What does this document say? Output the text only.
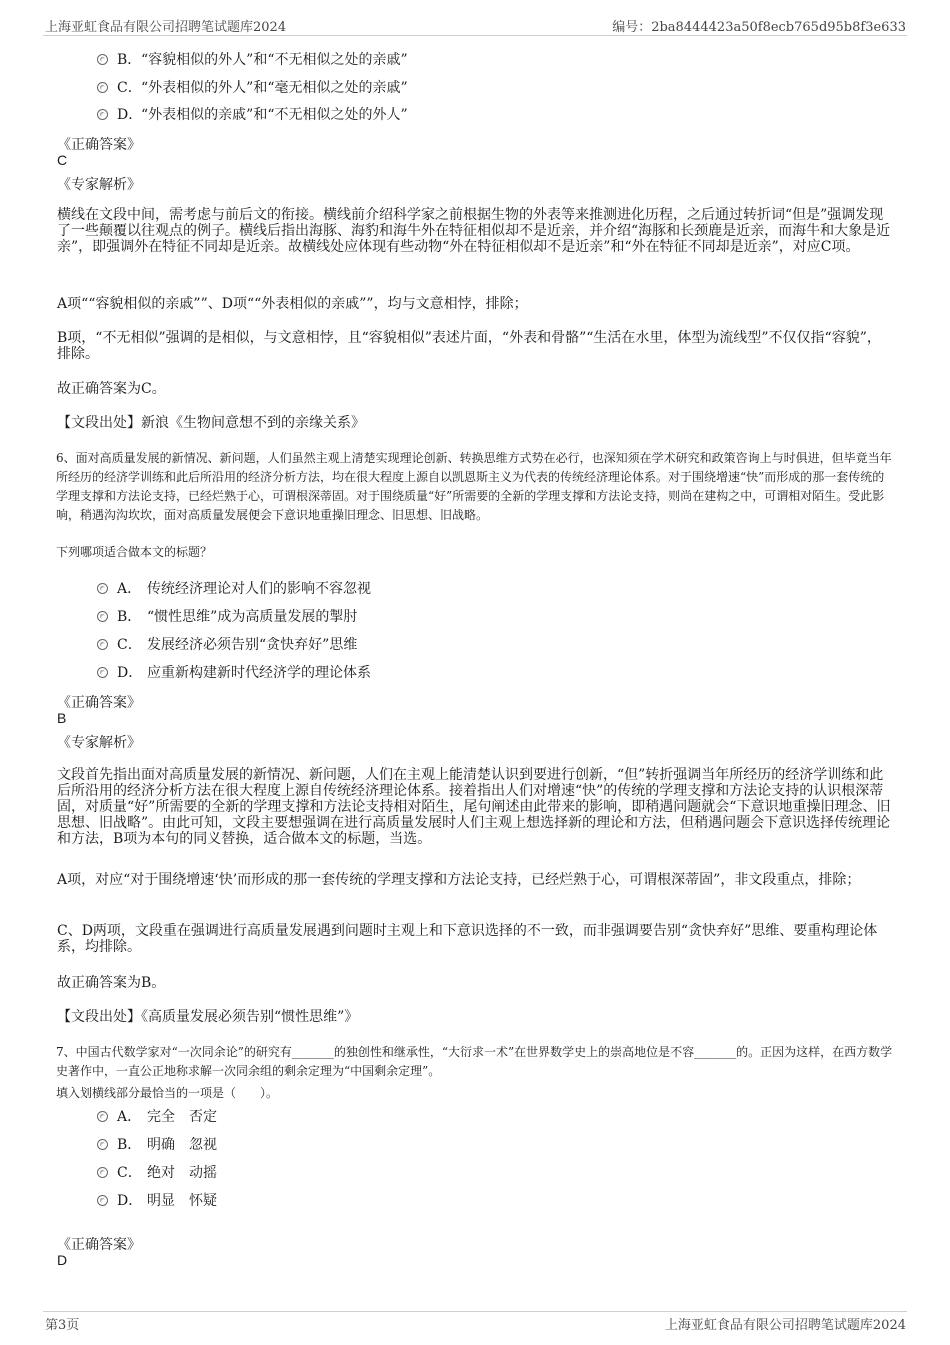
上海亚虹食品有限公司招聘笔试题库2024	编号：2ba8444423a50f8ecb765d95b8f3e633
B． “容貌相似的外人”和“不无相似之处的亲戚”
C． “外表相似的外人”和“毫无相似之处的亲戚”
D．
“外表相似的亲戚”和“不无相似之处的外人”
《正确答案》
C
《专家解析》
横线在文段中间，需考虑与前后文的衔接。横线前介绍科学家之前根据生物的外表等来推测进化历程，之后通过转折词“但是”强调发现了一些颠覆以往观点的例子。横线后指出海豚、海豹和海牛外在特征相似却不是近亲，并介绍“海豚和长颈鹿是近亲，而海牛和大象是近亲”，即强调外在特征不同却是近亲。故横线处应体现有些动物“外在特征相似却不是近亲”和“外在特征不同却是近亲”，对应C项。
A项““容貌相似的亲戚””、D项““外表相似的亲戚””，均与文意相悖，排除；
B项，“不无相似”强调的是相似，与文意相悖，且“容貌相似”表述片面，“外表和骨骼”“生活在水里，体型为流线型”不仅仅指“容貌”，排除。
故正确答案为C。
【文段出处】新浪《生物间意想不到的亲缘关系》
6、面对高质量发展的新情况、新问题，人们虽然主观上清楚实现理论创新、转换思维方式势在必行，也深知须在学术研究和政策咨询上与时俱进，但毕竟当年所经历的经济学训练和此后所沿用的经济分析方法，均在很大程度上源自以凯恩斯主义为代表的传统经济理论体系。对于围绕增速“快”而形成的那一套传统的学理支撑和方法论支持，已经烂熟于心，可谓根深蒂固。对于围绕质量“好”所需要的全新的学理支撑和方法论支持，则尚在建构之中，可谓相对陌生。受此影响，稍遇沟沟坎坎，面对高质量发展便会下意识地重操旧理念、旧思想、旧战略。
下列哪项适合做本文的标题？
A． 传统经济理论对人们的影响不容忽视
B． “惯性思维”成为高质量发展的掣肘
C． 发展经济必须告别“贪快弃好”思维
D． 应重新构建新时代经济学的理论体系
《正确答案》
B
《专家解析》
文段首先指出面对高质量发展的新情况、新问题，人们在主观上能清楚认识到要进行创新，“但”转折强调当年所经历的经济学训练和此后所沿用的经济分析方法在很大程度上源自传统经济理论体系。接着指出人们对增速“快”的传统的学理支撑和方法论支持的认识根深蒂固，对质量“好”所需要的全新的学理支撑和方法论支持相对陌生，尾句阐述由此带来的影响，即稍遇问题就会“下意识地重操旧理念、旧思想、旧战略”。由此可知，文段主要想强调在进行高质量发展时人们主观上想选择新的理论和方法，但稍遇问题会下意识选择传统理论和方法，B项为本句的同义替换，适合做本文的标题，当选。
A项，对应“对于围绕增速‘快’而形成的那一套传统的学理支撑和方法论支持，已经烂熟于心，可谓根深蒂固”，非文段重点，排除；
C、D两项，文段重在强调进行高质量发展遇到问题时主观上和下意识选择的不一致，而非强调要告别“贪快弃好”思维、要重构理论体系，均排除。
故正确答案为B。
【文段出处】《高质量发展必须告别“惯性思维”》
7、中国古代数学家对“一次同余论”的研究有_______的独创性和继承性，“大衍求一术”在世界数学史上的崇高地位是不容_______的。正因为这样，在西方数学史著作中，一直公正地称求解一次同余组的剩余定理为“中国剩余定理”。
填入划横线部分最恰当的一项是（　　）。
A． 完全　否定
B． 明确　忽视
C． 绝对　动摇
D． 明显　怀疑
《正确答案》
D
第3页	上海亚虹食品有限公司招聘笔试题库2024
